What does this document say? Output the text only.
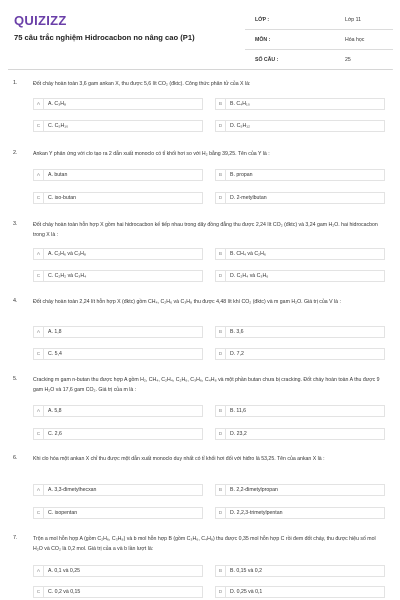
QUIZIZZ
75 câu trắc nghiệm Hidrocacbon no nâng cao (P1)
LỚP :	Lớp 11
MÔN :	Hóa học
SỐ CÂU :	25
1.	Đốt cháy hoàn toàn 3,6 gam ankan X, thu được 5,6 lít CO₂ (đktc). Công thức phân tử của X là:
A	A. C₃H₈	B	B. C₄H₁₀
C	C. C₅H₁₀	D	D. C₅H₁₂
2.	Ankan Y phản ứng với clo tạo ra 2 dẫn xuất monoclo có tỉ khối hơi so với H₂ bằng 39,25. Tên của Y là :
A	A. butan	B	B. propan
C	C. iso-butan	D	D. 2-metylbutan
3.	Đốt cháy hoàn toàn hỗn hợp X gồm hai hidrocacbon kế tiếp nhau trong dãy đồng đẳng thu được 2,24 lít CO₂ (đktc) và 3,24 gam H₂O. hai hidrocacbon trong X là :
A	A. C₂H₆ và C₃H₈	B	B. CH₄ và C₂H₆
C	C. C₂H₂ và C₃H₄	D	D. C₂H₄ và C₃H₆
4.	Đốt cháy hoàn toàn 2,24 lít hỗn hợp X (đktc) gồm CH₄, C₂H₆ và C₃H₈ thu được 4,48 lít khí CO₂ (đktc) và m gam H₂O. Giá trị của V là :
A	A. 1,8	B	B. 3,6
C	C. 5,4	D	D. 7,2
5.	Cracking m gam n-butan thu được hợp A gồm H₂, CH₄, C₂H₄, C₂H₆, C₃H₆, C₄H₈ và một phần butan chưa bị cracking. Đốt cháy hoàn toàn A thu được 9 gam H₂O và 17,6 gam CO₂. Giá trị của m là :
A	A. 5,8	B	B. 11,6
C	C. 2,6	D	D. 23,2
6.	Khi clo hóa một ankan X chỉ thu được một dẫn xuất monoclo duy nhất có tỉ khối hơi đối với hiđro là 53,25. Tên của ankan X là :
A	A. 3,3-đimetylhecxan	B	B. 2,2-đimetylpropan
C	C. isopentan	D	D. 2,2,3-trimetylpentan
7.	Trộn a mol hỗn hợp A (gồm C₂H₆, C₃H₈) và b mol hỗn hợp B (gồm C₃H₆, C₄H₈) thu được 0,35 mol hỗn hợp C rồi đem đốt cháy, thu được hiệu số mol H₂O và CO₂ là 0,2 mol. Giá trị của a và b lần lượt là:
A	A. 0,1 và 0,25	B	B. 0,15 và 0,2
C	C. 0,2 và 0,15	D	D. 0,25 và 0,1
